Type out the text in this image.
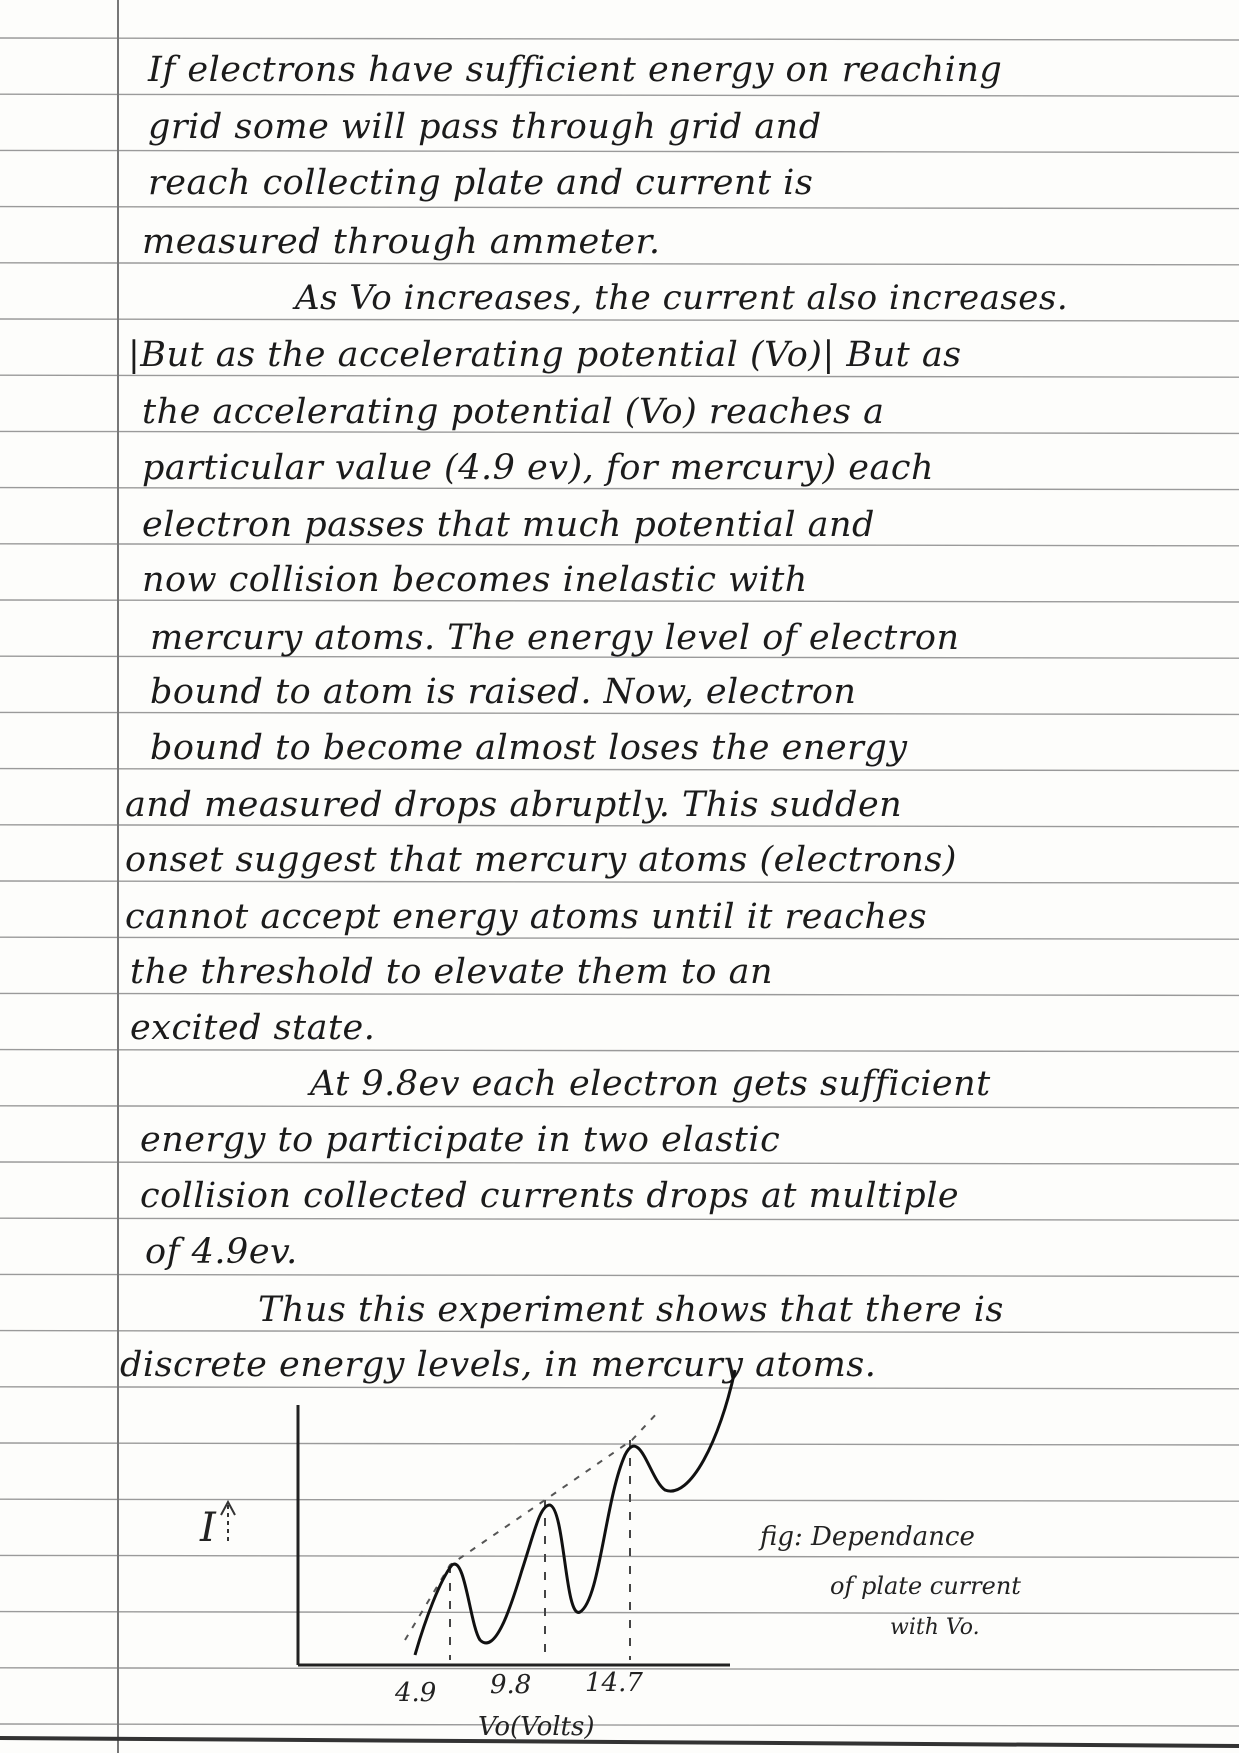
If electrons have sufficient energy on reaching
grid some will pass through grid and
reach collecting plate and current is
measured through ammeter.
As Vo increases, the current also increases.
|But as the accelerating potential (Vo)| But as
the accelerating potential (Vo) reaches a
particular value (4.9 ev), for mercury) each
electron passes that much potential and
now collision becomes inelastic with
mercury atoms. The energy level of electron
bound to atom is raised. Now, electron
bound to become almost loses the energy
and measured drops abruptly. This sudden
onset suggest that mercury atoms (electrons)
cannot accept energy atoms until it reaches
the threshold to elevate them to an
excited state.
At 9.8ev each electron gets sufficient
energy to participate in two elastic
collision collected currents drops at multiple
of 4.9ev.
Thus this experiment shows that there is
discrete energy levels, in mercury atoms.
I
4.9 9.8 14.7
Vo(Volts)
fig: Dependance
of plate current
with Vo.
